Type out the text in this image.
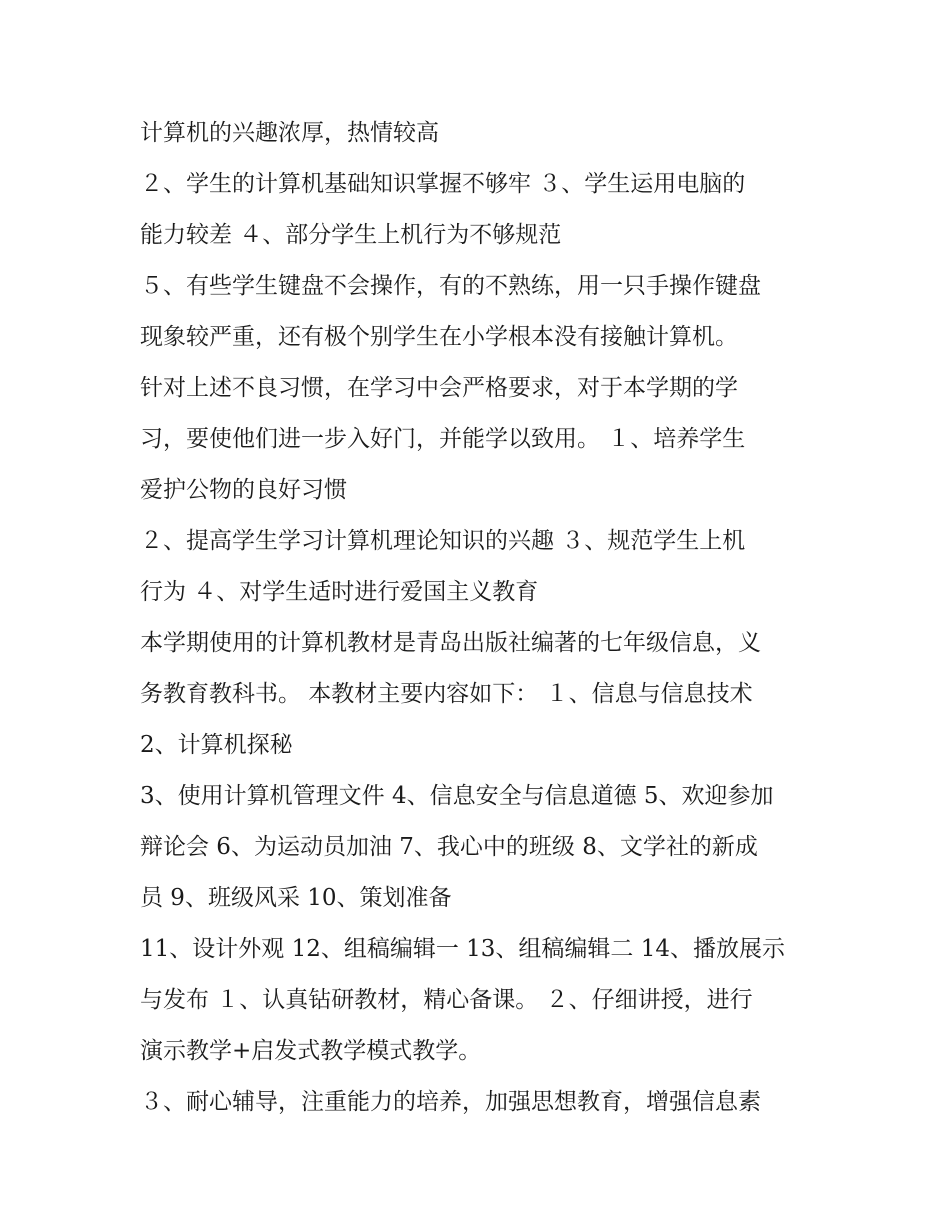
计算机的兴趣浓厚，热情较高
２、学生的计算机基础知识掌握不够牢 ３、学生运用电脑的
能力较差 ４、部分学生上机行为不够规范
５、有些学生键盘不会操作，有的不熟练，用一只手操作键盘
现象较严重，还有极个别学生在小学根本没有接触计算机。
针对上述不良习惯，在学习中会严格要求，对于本学期的学
习，要使他们进一步入好门，并能学以致用。 １、培养学生
爱护公物的良好习惯
２、提高学生学习计算机理论知识的兴趣 ３、规范学生上机
行为 ４、对学生适时进行爱国主义教育
本学期使用的计算机教材是青岛出版社编著的七年级信息，义
务教育教科书。 本教材主要内容如下： １、信息与信息技术
2、计算机探秘
3、使用计算机管理文件 4、信息安全与信息道德 5、欢迎参加
辩论会 6、为运动员加油 7、我心中的班级 8、文学社的新成
员 9、班级风采 10、策划准备
11、设计外观 12、组稿编辑一 13、组稿编辑二 14、播放展示
与发布 １、认真钻研教材，精心备课。 ２、仔细讲授，进行
演示教学+启发式教学模式教学。
３、耐心辅导，注重能力的培养，加强思想教育，增强信息素
